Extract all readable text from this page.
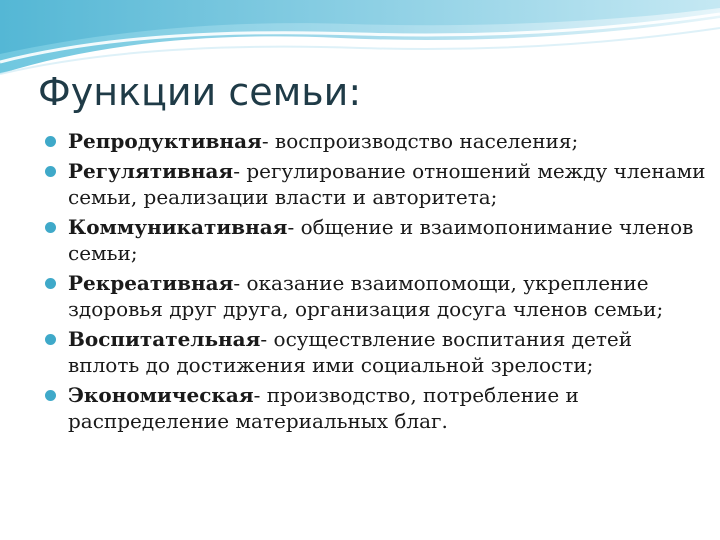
Функции семьи:
Репродуктивная- воспроизводство населения;
Регулятивная- регулирование отношений между членами семьи, реализации власти и авторитета;
Коммуникативная- общение и взаимопонимание членов семьи;
Рекреативная- оказание взаимопомощи, укрепление здоровья друг друга, организация досуга членов семьи;
Воспитательная- осуществление воспитания детей вплоть до достижения ими социальной зрелости;
Экономическая- производство, потребление и распределение материальных благ.
